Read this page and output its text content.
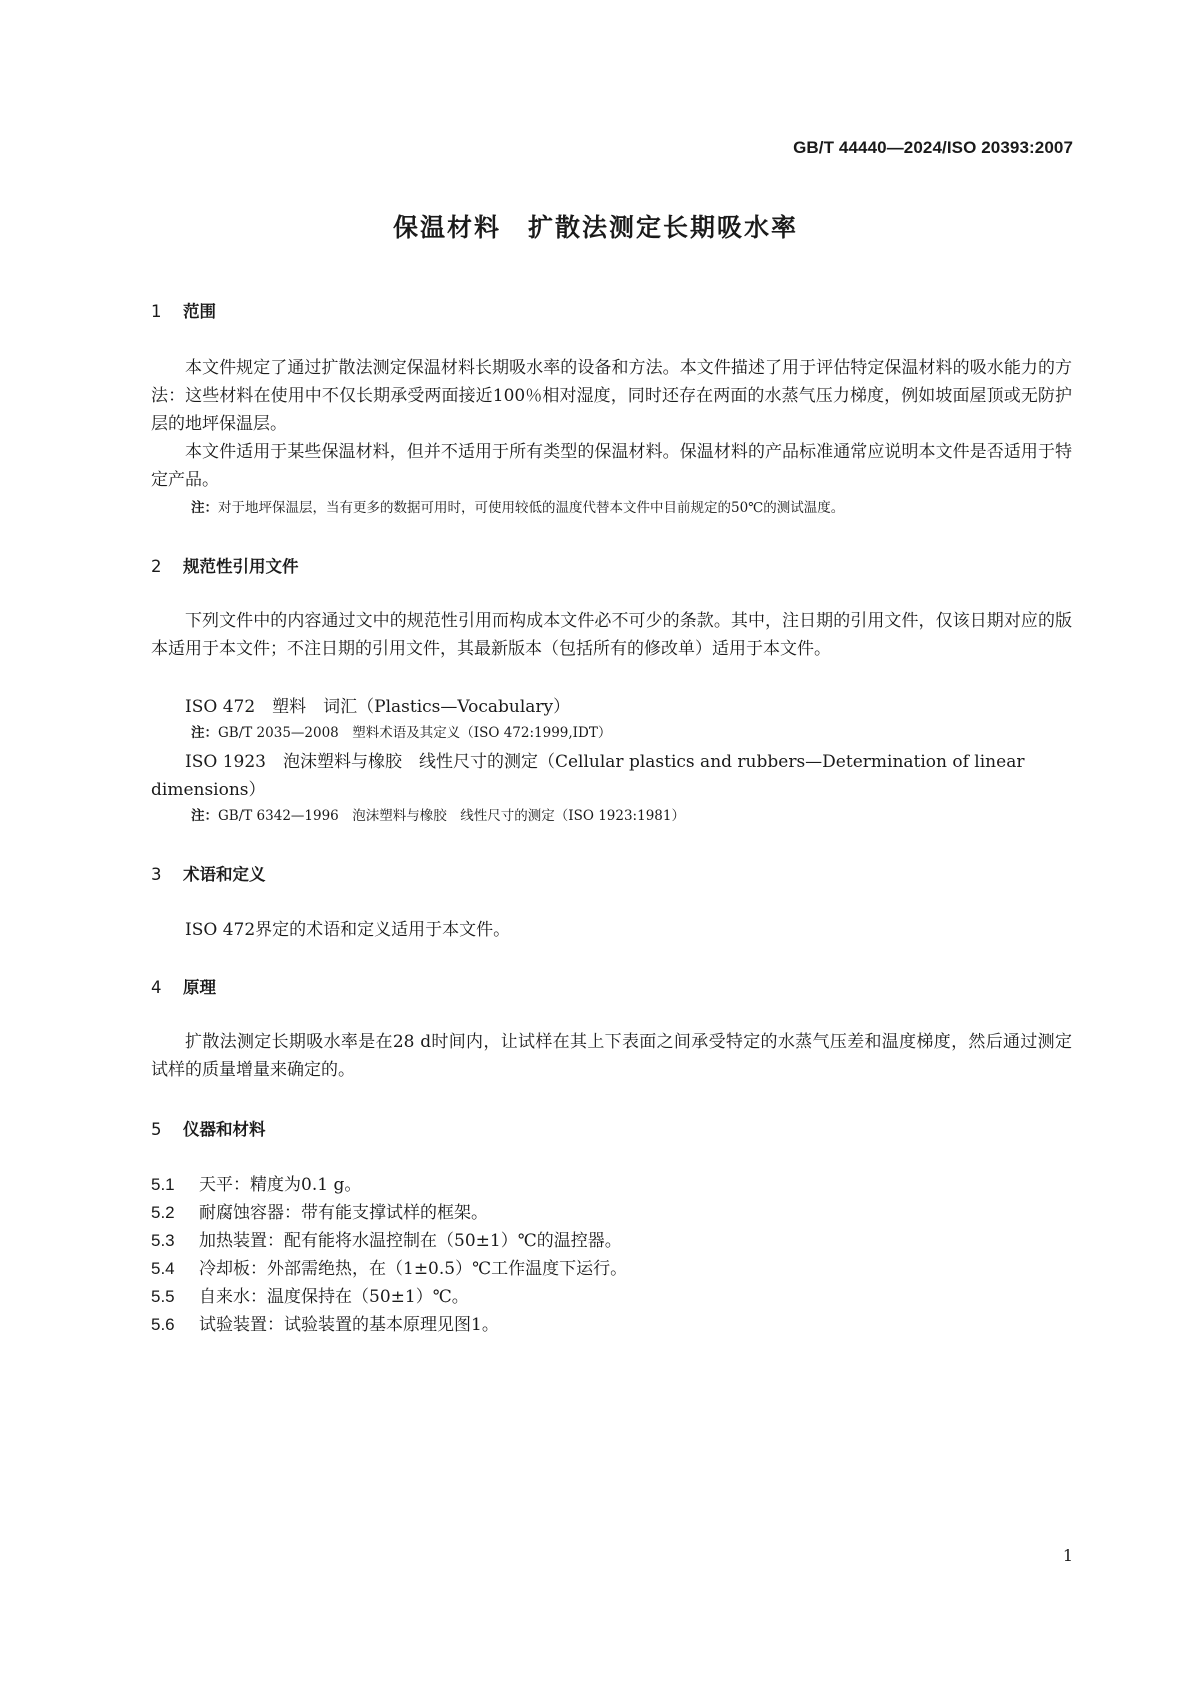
GB/T 44440—2024/ISO 20393:2007
保温材料　扩散法测定长期吸水率
1 范围
本文件规定了通过扩散法测定保温材料长期吸水率的设备和方法。本文件描述了用于评估特定保温材料的吸水能力的方法：这些材料在使用中不仅长期承受两面接近100％相对湿度，同时还存在两面的水蒸气压力梯度，例如坡面屋顶或无防护层的地坪保温层。
本文件适用于某些保温材料，但并不适用于所有类型的保温材料。保温材料的产品标准通常应说明本文件是否适用于特定产品。
注：对于地坪保温层，当有更多的数据可用时，可使用较低的温度代替本文件中目前规定的50℃的测试温度。
2 规范性引用文件
下列文件中的内容通过文中的规范性引用而构成本文件必不可少的条款。其中，注日期的引用文件，仅该日期对应的版本适用于本文件；不注日期的引用文件，其最新版本（包括所有的修改单）适用于本文件。
ISO 472　塑料　词汇（Plastics—Vocabulary）
注：GB/T 2035—2008　塑料术语及其定义（ISO 472:1999,IDT）
ISO 1923　泡沫塑料与橡胶　线性尺寸的测定（Cellular plastics and rubbers—Determination of linear dimensions）
注：GB/T 6342—1996　泡沫塑料与橡胶　线性尺寸的测定（ISO 1923:1981）
3 术语和定义
ISO 472界定的术语和定义适用于本文件。
4 原理
扩散法测定长期吸水率是在28 d时间内，让试样在其上下表面之间承受特定的水蒸气压差和温度梯度，然后通过测定试样的质量增量来确定的。
5 仪器和材料
5.1 天平：精度为0.1 g。
5.2 耐腐蚀容器：带有能支撑试样的框架。
5.3 加热装置：配有能将水温控制在（50±1）℃的温控器。
5.4 冷却板：外部需绝热，在（1±0.5）℃工作温度下运行。
5.5 自来水：温度保持在（50±1）℃。
5.6 试验装置：试验装置的基本原理见图1。
1
